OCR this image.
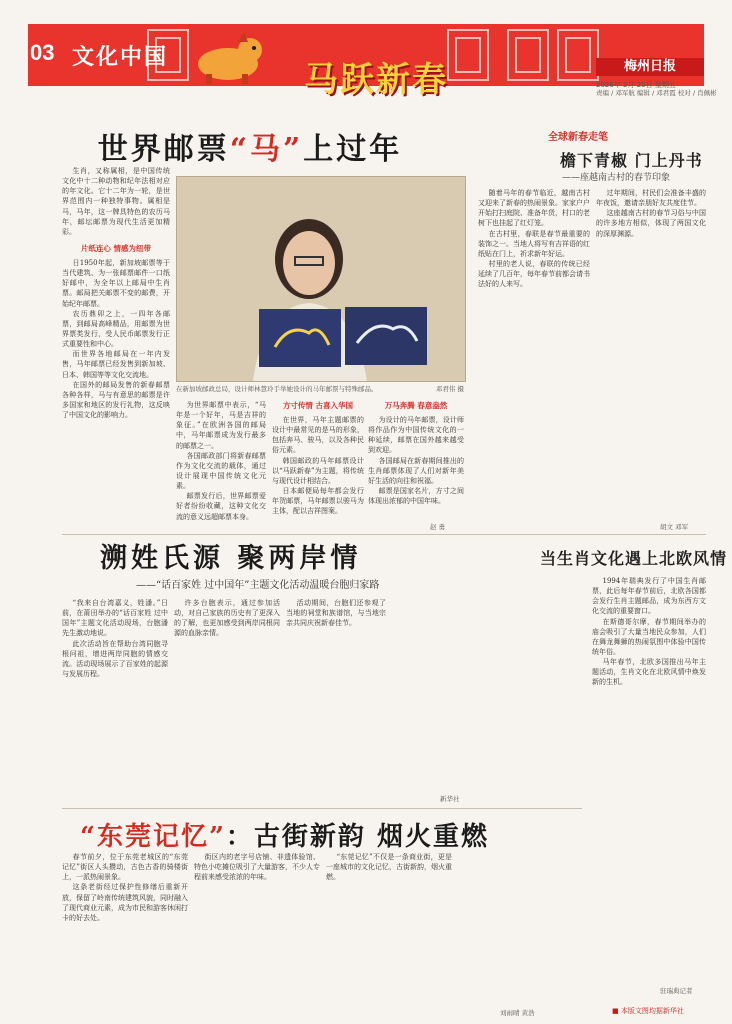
03 文化中国
马跃新春	梅州日报
2026年 2月 20日 星期五
责编 / 邓军航 编辑 / 邓君霞 校对 / 肖佩彬
世界邮票“马”上过年

生肖，又称属相，是中国传统文化中十二种动物和纪年法相对应的年文化。它十二年为一轮，是世界范围内一种独特事物。属相是马，马年，这一牌具特色的农历马年，邮坛邮票为现代生活更加精彩。

片纸连心 情感为纽带

日1950年起，新加坡邮票等于当代建筑、为一张邮票邮件一口纸好邮中，为全年以上邮局中生肖票。邮局把关邮票不变的邮费，开始纪年邮票。

农历鼎卯之上，一四年各邮票，到邮局高峰精品，用邮票为世界票类发行，受人民币邮票发行正式重要性和中心。

而世界各地邮局在一年内发售，马年邮票已经发售到新加坡、日本、韩国等等文化交流地。

在国外的邮局发售的新春邮票各种各样，马与有意思的邮票是许多国家和地区的发行礼物，这反映了中国文化的影响力。

在新加坡邮政总局，设计师林慧玲手举她设计的马年邮票与特殊邮品。	邓君伟 摄

为世界邮票中表示，“马年是一个好年，马是吉祥的象征。”在欧洲各国的邮局中，马年邮票成为发行最多的邮票之一。

各国邮政部门将新春邮票作为文化交流的载体，通过设计展现中国传统文化元素。

邮票发行后，世界邮票爱好者纷纷收藏，这种文化交流的意义远超邮票本身。

方寸传情 古喜入华国

在世界，马年主题邮票的设计中最常见的是马的形象，包括奔马、骏马，以及各种民俗元素。

韩国邮政的马年邮票设计以“马跃新春”为主题，将传统与现代设计相结合。

日本邮便局每年都会发行年贺邮票，马年邮票以骏马为主体，配以吉祥图案。

万马奔腾 春意盎然

为设计的马年邮票，设计师将作品作为中国传统文化的一种延续，邮票在国外越来越受到欢迎。

各国邮局在新春期间推出的生肖邮票体现了人们对新年美好生活的向往和祝福。

邮票是国家名片，方寸之间体现出浓郁的中国年味。

赵 勇
全球新春走笔
檐下青椒 门上丹书
——座越南古村的春节印象

随着马年的春节临近，越南古村又迎来了新春的热闹景象。家家户户开始打扫庭院、准备年货，村口的老树下也挂起了红灯笼。

在古村里，春联是春节最重要的装饰之一。当地人将写有吉祥语的红纸贴在门上，祈求新年好运。

村里的老人说，春联的传统已经延续了几百年，每年春节前都会请书法好的人来写。

过年期间，村民们会准备丰盛的年夜饭，邀请亲朋好友共度佳节。

这座越南古村的春节习俗与中国的许多地方相似，体现了两国文化的深厚渊源。

胡文 邓军
溯姓氏源 聚两岸情
——“话百家姓 过中国年”主题文化活动温暖台胞归家路

“我来自台湾嘉义，姓潘。”日前，在莆田举办的“话百家姓 过中国年”主题文化活动现场，台胞潘先生激动地说。

此次活动旨在帮助台湾同胞寻根问祖，增进两岸同胞的情感交流。活动现场展示了百家姓的起源与发展历程。

许多台胞表示，通过参加活动，对自己家族的历史有了更深入的了解，也更加感受到两岸同根同源的血脉亲情。

活动期间，台胞们还参观了当地的祠堂和族谱馆，与当地宗亲共同庆祝新春佳节。

新华社
当生肖文化遇上北欧风情

1994年瑞典发行了中国生肖邮票，此后每年春节前后，北欧各国都会发行生肖主题邮品，成为东西方文化交流的重要窗口。

在斯德哥尔摩，春节期间举办的庙会吸引了大量当地民众参加，人们在舞龙舞狮的热闹氛围中体验中国传统年俗。

马年春节，北欧多国推出马年主题活动，生肖文化在北欧风情中焕发新的生机。

驻瑞典记者
“东莞记忆”：古街新韵 烟火重燃

春节前夕，位于东莞老城区的“东莞记忆”街区人头攒动，古色古香的骑楼街上，一派热闹景象。

这条老街经过保护性修缮后重新开放，保留了岭南传统建筑风貌，同时融入了现代商业元素，成为市民和游客休闲打卡的好去处。

街区内的老字号店铺、非遗体验馆、特色小吃摊位吸引了大量游客，不少人专程前来感受浓浓的年味。

“东莞记忆”不仅是一条商业街，更是一座城市的文化记忆，古街新韵，烟火重燃。

刘雨晴 黄浩	■ 本版文图均据新华社
